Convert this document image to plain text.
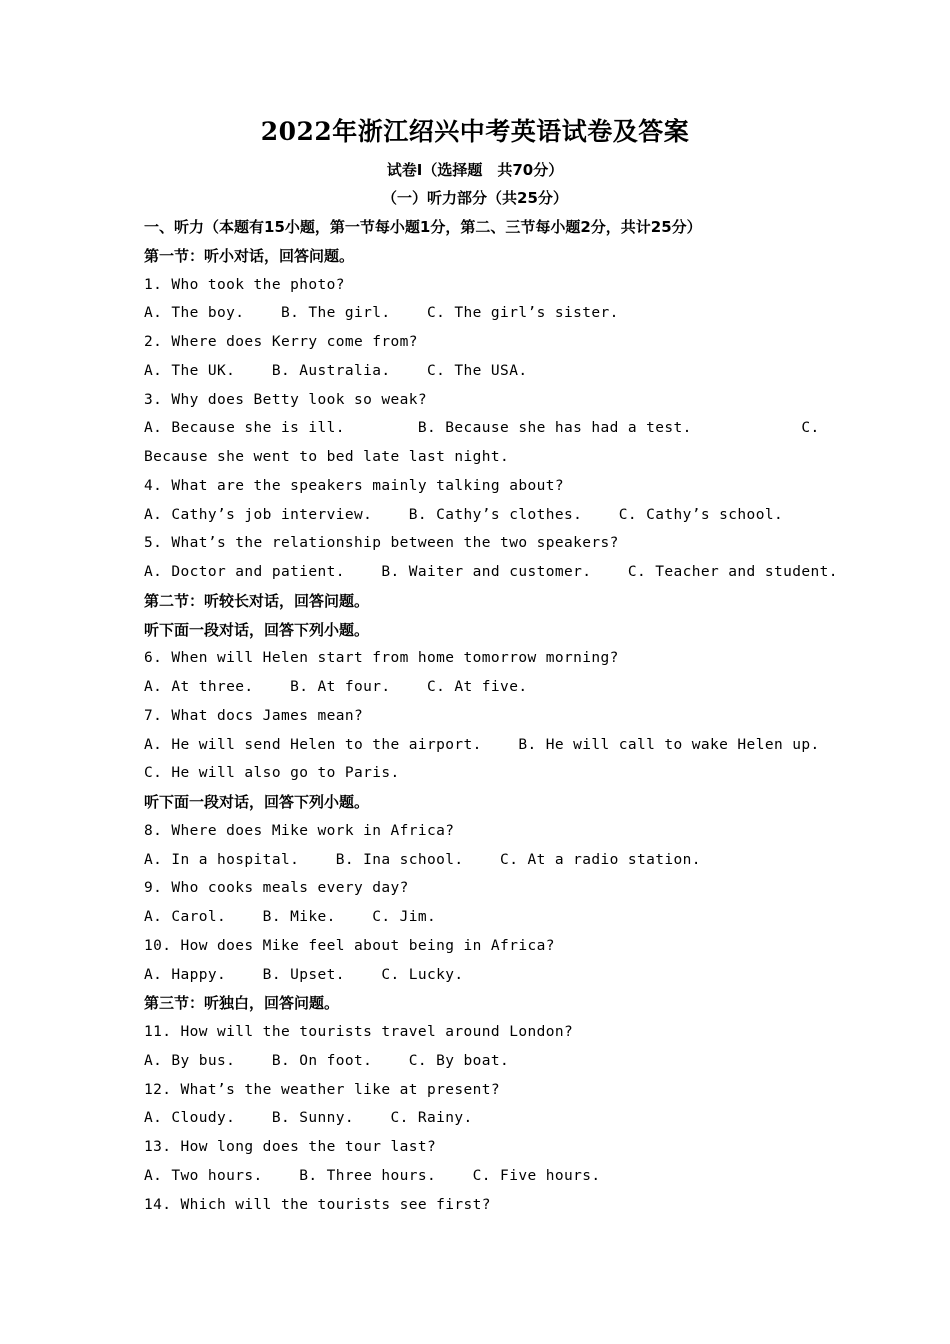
2022年浙江绍兴中考英语试卷及答案
试卷Ⅰ（选择题　共70分）
（一）听力部分（共25分）
一、听力（本题有15小题，第一节每小题1分，第二、三节每小题2分，共计25分）
第一节：听小对话，回答问题。
1. Who took the photo?
A. The boy.    B. The girl.    C. The girl’s sister.
2. Where does Kerry come from?
A. The UK.    B. Australia.    C. The USA.
3. Why does Betty look so weak?
A. Because she is ill.        B. Because she has had a test.            C.
Because she went to bed late last night.
4. What are the speakers mainly talking about?
A. Cathy’s job interview.    B. Cathy’s clothes.    C. Cathy’s school.
5. What’s the relationship between the two speakers?
A. Doctor and patient.    B. Waiter and customer.    C. Teacher and student.
第二节：听较长对话，回答问题。
听下面一段对话，回答下列小题。
6. When will Helen start from home tomorrow morning?
A. At three.    B. At four.    C. At five.
7. What docs James mean?
A. He will send Helen to the airport.    B. He will call to wake Helen up.
C. He will also go to Paris.
听下面一段对话，回答下列小题。
8. Where does Mike work in Africa?
A. In a hospital.    B. Ina school.    C. At a radio station.
9. Who cooks meals every day?
A. Carol.    B. Mike.    C. Jim.
10. How does Mike feel about being in Africa?
A. Happy.    B. Upset.    C. Lucky.
第三节：听独白，回答问题。
11. How will the tourists travel around London?
A. By bus.    B. On foot.    C. By boat.
12. What’s the weather like at present?
A. Cloudy.    B. Sunny.    C. Rainy.
13. How long does the tour last?
A. Two hours.    B. Three hours.    C. Five hours.
14. Which will the tourists see first?
